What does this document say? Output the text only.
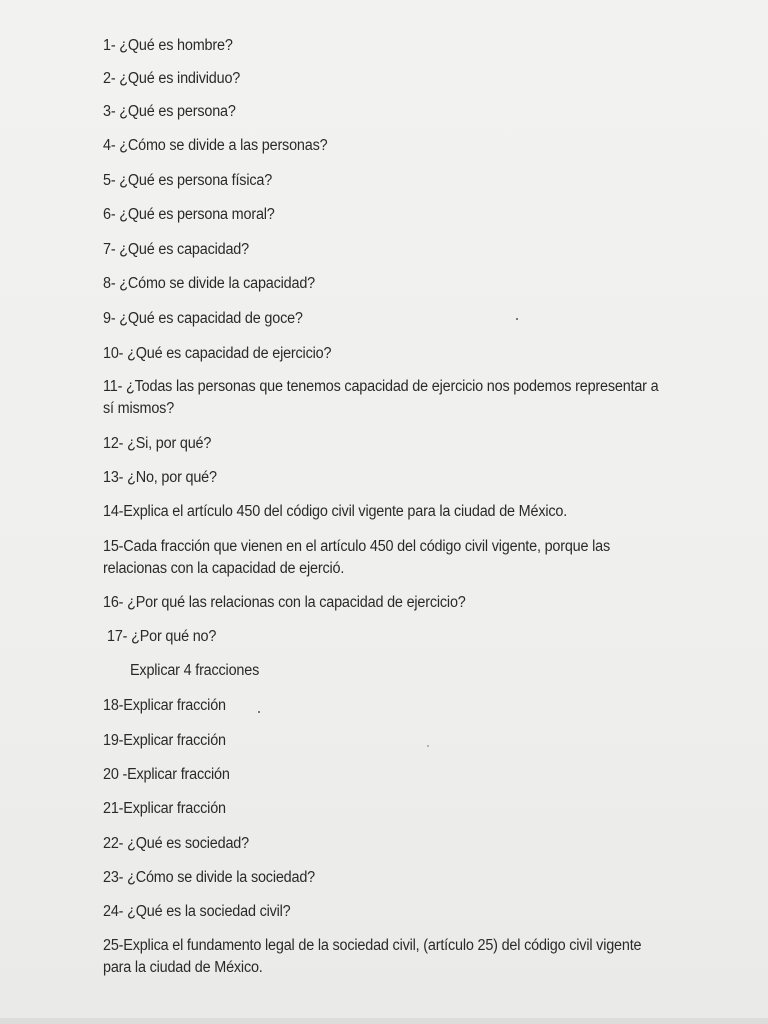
1- ¿Qué es hombre?
2- ¿Qué es individuo?
3- ¿Qué es persona?
4- ¿Cómo se divide a las personas?
5- ¿Qué es persona física?
6- ¿Qué es persona moral?
7- ¿Qué es capacidad?
8- ¿Cómo se divide la capacidad?
9- ¿Qué es capacidad de goce?
10- ¿Qué es capacidad de ejercicio?
11- ¿Todas las personas que tenemos capacidad de ejercicio nos podemos representar a sí mismos?
12- ¿Si, por qué?
13- ¿No, por qué?
14-Explica el artículo 450 del código civil vigente para la ciudad de México.
15-Cada fracción que vienen en el artículo 450 del código civil vigente, porque las relacionas con la capacidad de ejerció.
16- ¿Por qué las relacionas con la capacidad de ejercicio?
17- ¿Por qué no?
Explicar 4 fracciones
18-Explicar fracción
19-Explicar fracción
20 -Explicar fracción
21-Explicar fracción
22- ¿Qué es sociedad?
23- ¿Cómo se divide la sociedad?
24- ¿Qué es la sociedad civil?
25-Explica el fundamento legal de la sociedad civil, (artículo 25) del código civil vigente para la ciudad de México.
